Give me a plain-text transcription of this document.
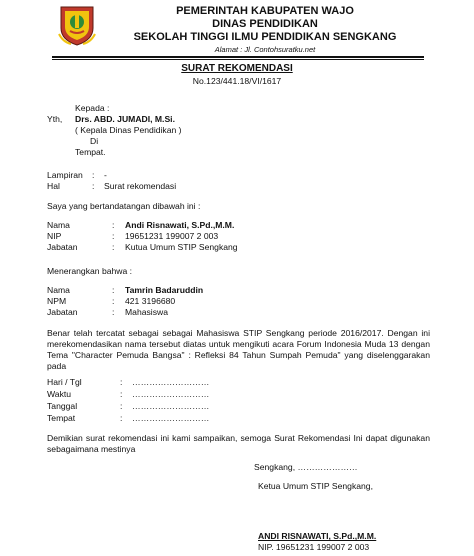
PEMERINTAH KABUPATEN WAJO
DINAS PENDIDIKAN
SEKOLAH TINGGI ILMU PENDIDIKAN SENGKANG
Alamat : Jl. Contohsuratku.net
SURAT REKOMENDASI
No.123/441.18/VI/1617
Kepada :
Yth, Drs. ABD. JUMADI, M.Si.
( Kepala Dinas Pendidikan )
Di
Tempat.
Lampiran : -
Hal	: Surat rekomendasi
Saya yang bertandatangan dibawah ini :
Nama	: Andi Risnawati, S.Pd.,M.M.
NIP	: 19651231 199007 2 003
Jabatan	: Kutua Umum STIP Sengkang
Menerangkan bahwa :
Nama	: Tamrin Badaruddin
NPM	: 421 3196680
Jabatan	: Mahasiswa
Benar telah tercatat sebagai sebagai Mahasiswa STIP Sengkang periode 2016/2017. Dengan ini merekomendasikan nama tersebut diatas untuk mengikuti acara Forum Indonesia Muda 13 dengan Tema "Character Pemuda Bangsa" : Refleksi 84 Tahun Sumpah Pemuda" yang diselenggarakan pada
Hari / Tgl	: ………………………
Waktu	: ………………………
Tanggal	: ………………………
Tempat	: ………………………
Demikian surat rekomendasi ini kami sampaikan, semoga Surat Rekomendasi Ini dapat digunakan sebagaimana mestinya
Sengkang, …………………
Ketua Umum STIP Sengkang,
ANDI RISNAWATI, S.Pd.,M.M.
NIP. 19651231 199007 2 003
